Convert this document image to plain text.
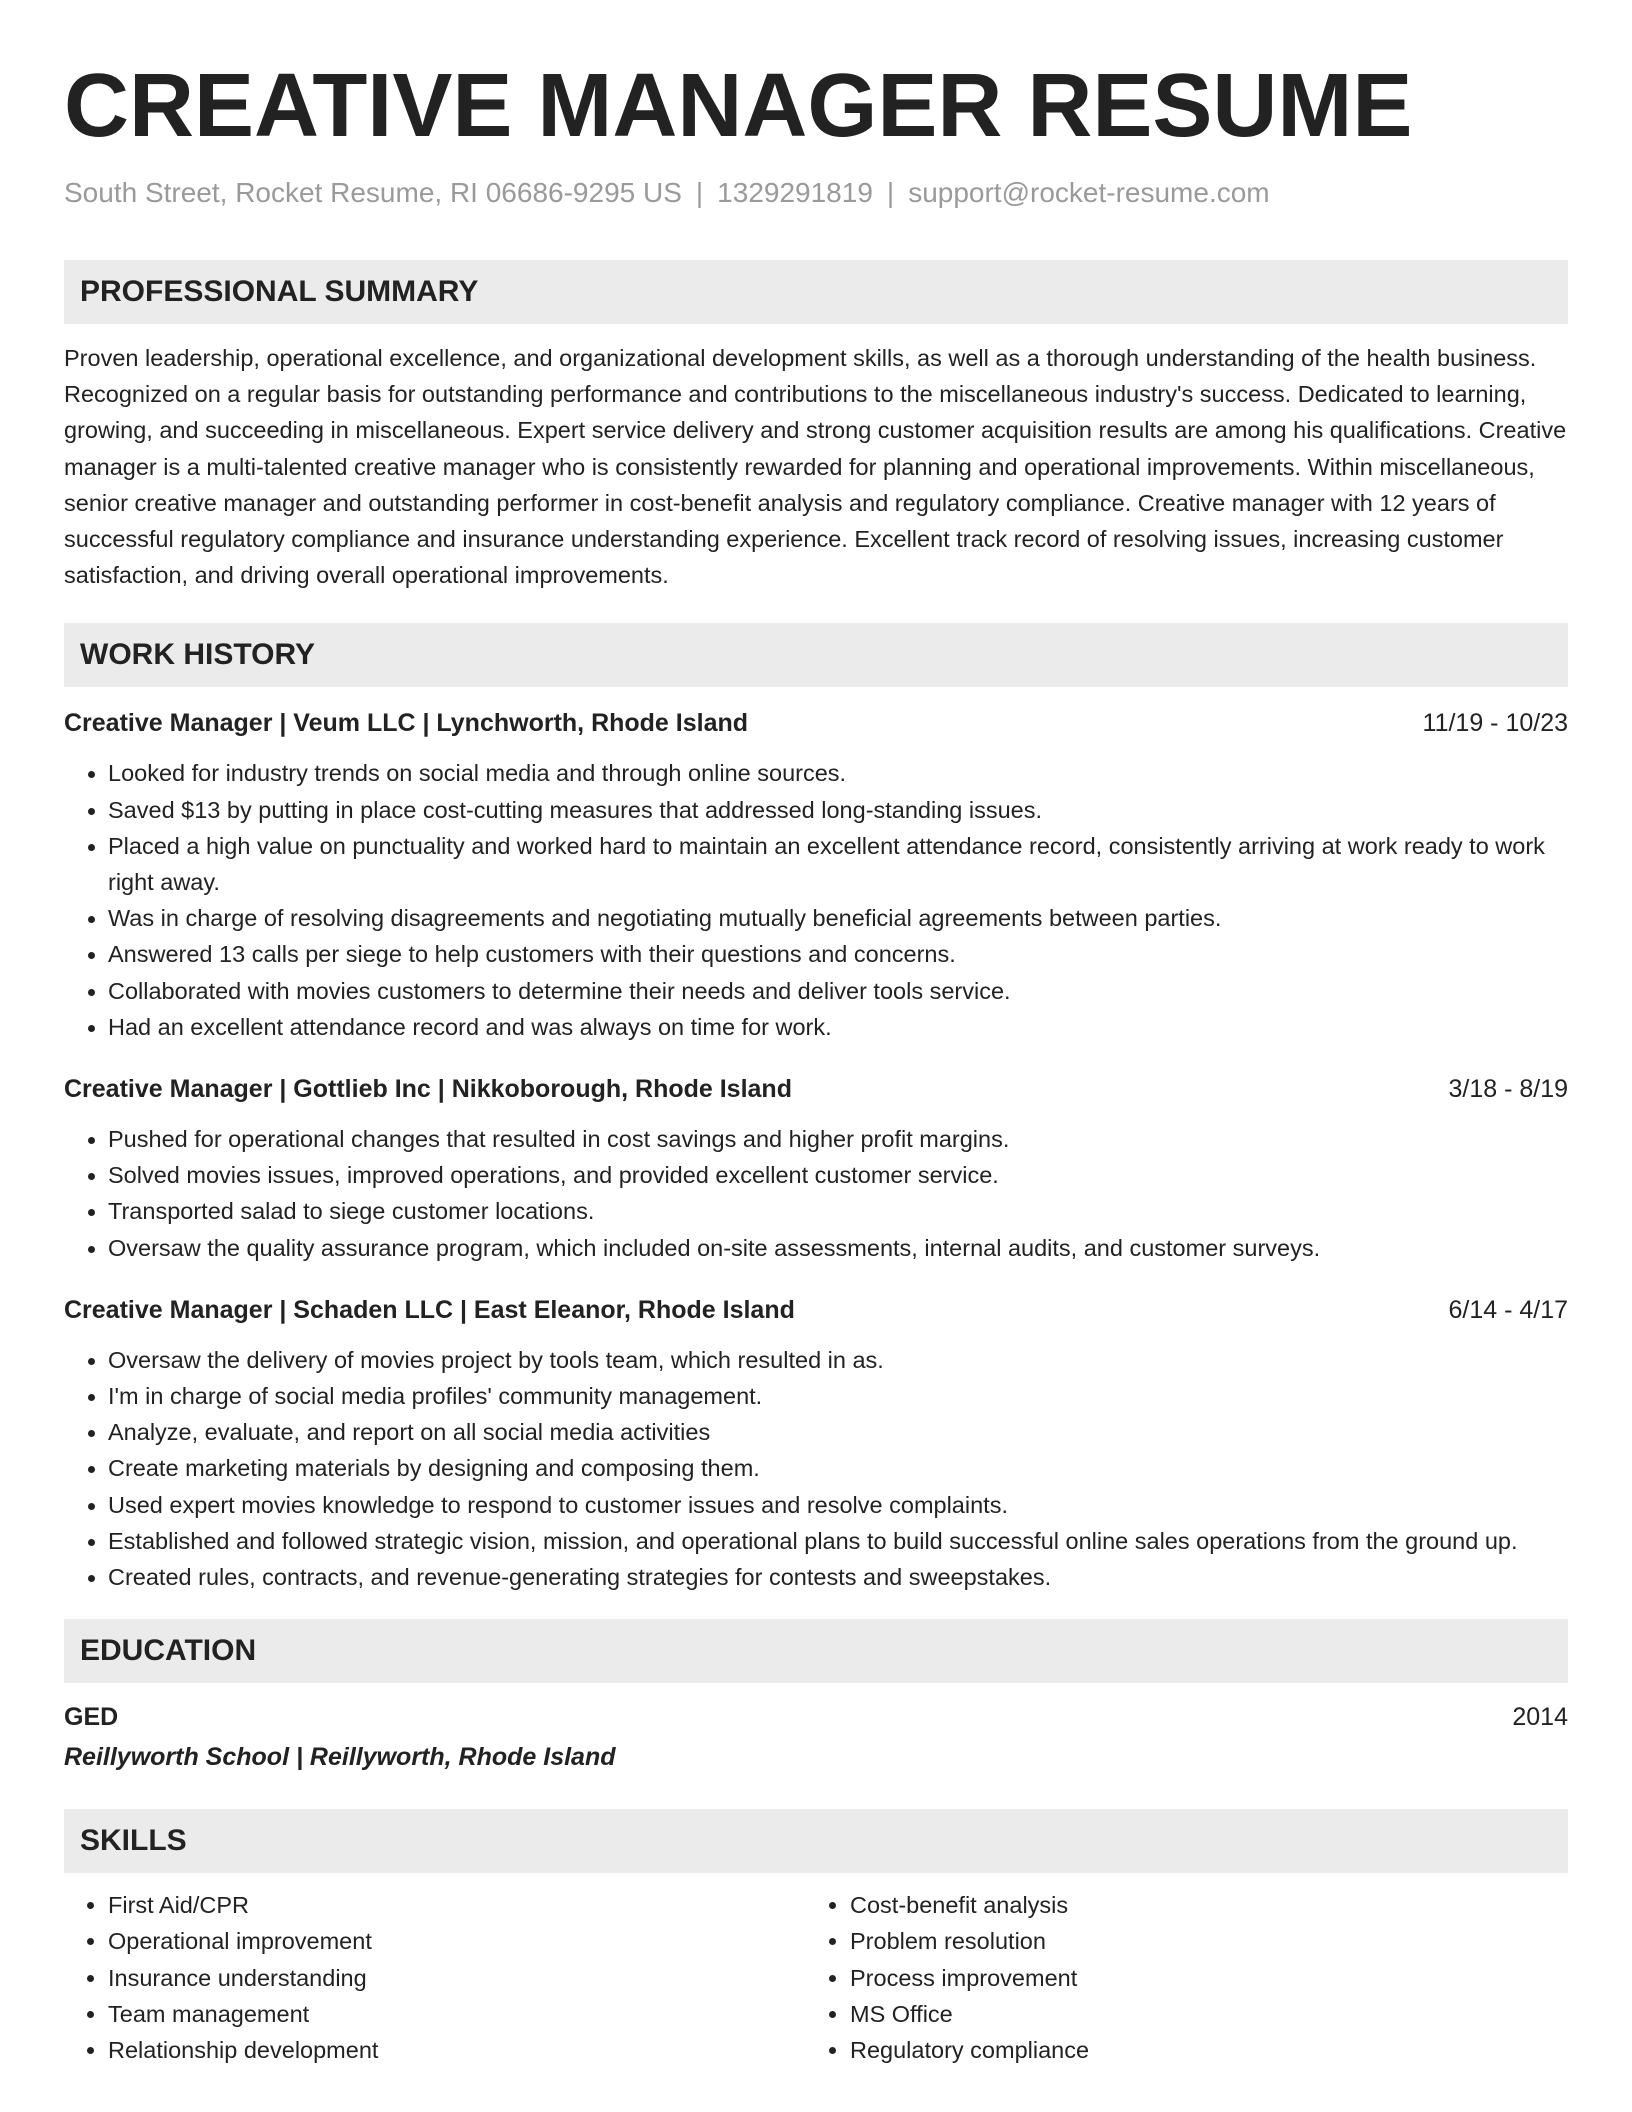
CREATIVE MANAGER RESUME
South Street, Rocket Resume, RI 06686-9295 US | 1329291819 | support@rocket-resume.com
PROFESSIONAL SUMMARY

Proven leadership, operational excellence, and organizational development skills, as well as a thorough understanding of the health business. Recognized on a regular basis for outstanding performance and contributions to the miscellaneous industry's success. Dedicated to learning, growing, and succeeding in miscellaneous. Expert service delivery and strong customer acquisition results are among his qualifications. Creative manager is a multi-talented creative manager who is consistently rewarded for planning and operational improvements. Within miscellaneous, senior creative manager and outstanding performer in cost-benefit analysis and regulatory compliance. Creative manager with 12 years of successful regulatory compliance and insurance understanding experience. Excellent track record of resolving issues, increasing customer satisfaction, and driving overall operational improvements.

WORK HISTORY
Creative Manager | Veum LLC | Lynchworth, Rhode Island	11/19 - 10/23
• Looked for industry trends on social media and through online sources.
• Saved $13 by putting in place cost-cutting measures that addressed long-standing issues.
• Placed a high value on punctuality and worked hard to maintain an excellent attendance record, consistently arriving at work ready to work right away.
• Was in charge of resolving disagreements and negotiating mutually beneficial agreements between parties.
• Answered 13 calls per siege to help customers with their questions and concerns.
• Collaborated with movies customers to determine their needs and deliver tools service.
• Had an excellent attendance record and was always on time for work.
Creative Manager | Gottlieb Inc | Nikkoborough, Rhode Island	3/18 - 8/19
• Pushed for operational changes that resulted in cost savings and higher profit margins.
• Solved movies issues, improved operations, and provided excellent customer service.
• Transported salad to siege customer locations.
• Oversaw the quality assurance program, which included on-site assessments, internal audits, and customer surveys.
Creative Manager | Schaden LLC | East Eleanor, Rhode Island	6/14 - 4/17
• Oversaw the delivery of movies project by tools team, which resulted in as.
• I'm in charge of social media profiles' community management.
• Analyze, evaluate, and report on all social media activities
• Create marketing materials by designing and composing them.
• Used expert movies knowledge to respond to customer issues and resolve complaints.
• Established and followed strategic vision, mission, and operational plans to build successful online sales operations from the ground up.
• Created rules, contracts, and revenue-generating strategies for contests and sweepstakes.
EDUCATION
GED	2014
Reillyworth School | Reillyworth, Rhode Island
SKILLS
• First Aid/CPR
• Operational improvement
• Insurance understanding
• Team management
• Relationship development
• Cost-benefit analysis
• Problem resolution
• Process improvement
• MS Office
• Regulatory compliance
